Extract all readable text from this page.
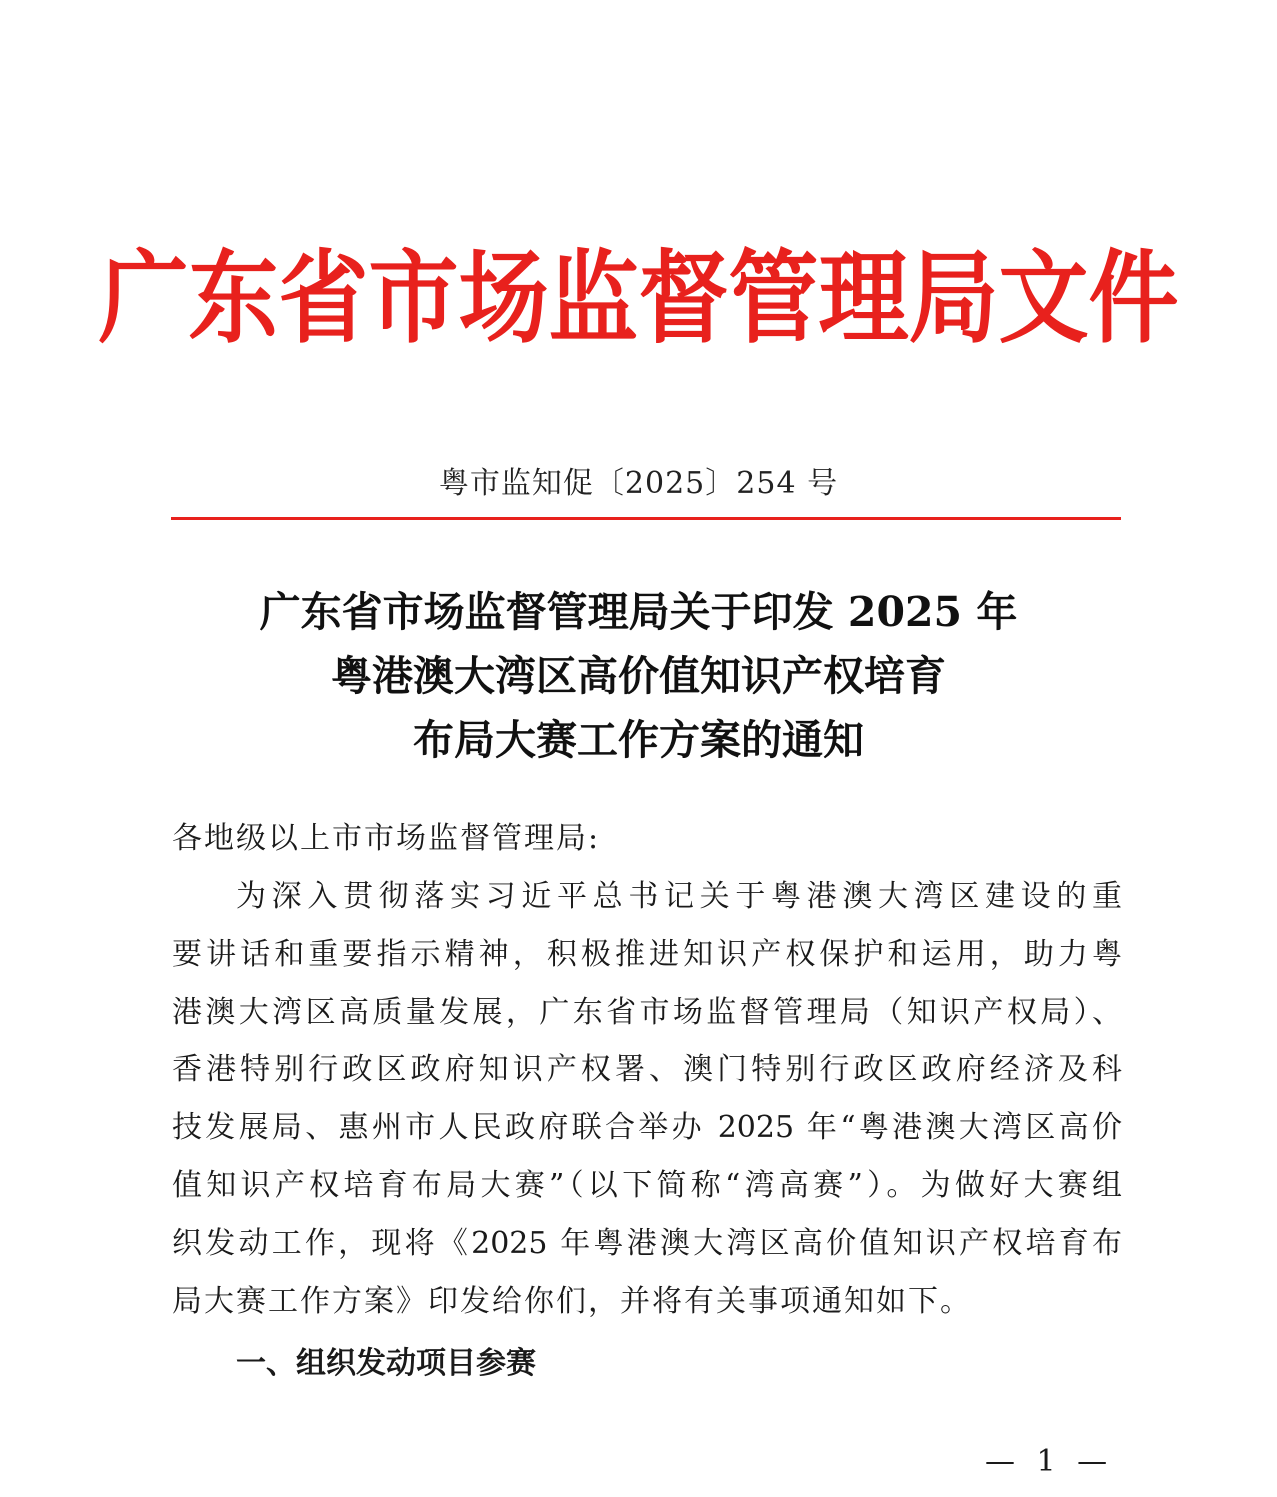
广东省市场监督管理局文件
粤市监知促〔2025〕254 号
广东省市场监督管理局关于印发 2025 年
粤港澳大湾区高价值知识产权培育
布局大赛工作方案的通知
各地级以上市市场监督管理局:
为深入贯彻落实习近平总书记关于粤港澳大湾区建设的重
要讲话和重要指示精神，积极推进知识产权保护和运用，助力粤
港澳大湾区高质量发展，广东省市场监督管理局（知识产权局）、
香港特别行政区政府知识产权署、澳门特别行政区政府经济及科
技发展局、惠州市人民政府联合举办 2025 年“粤港澳大湾区高价
值知识产权培育布局大赛”（以下简称“湾高赛”）。为做好大赛组
织发动工作，现将《2025 年粤港澳大湾区高价值知识产权培育布
局大赛工作方案》印发给你们，并将有关事项通知如下。
一、组织发动项目参赛
— 1 —
